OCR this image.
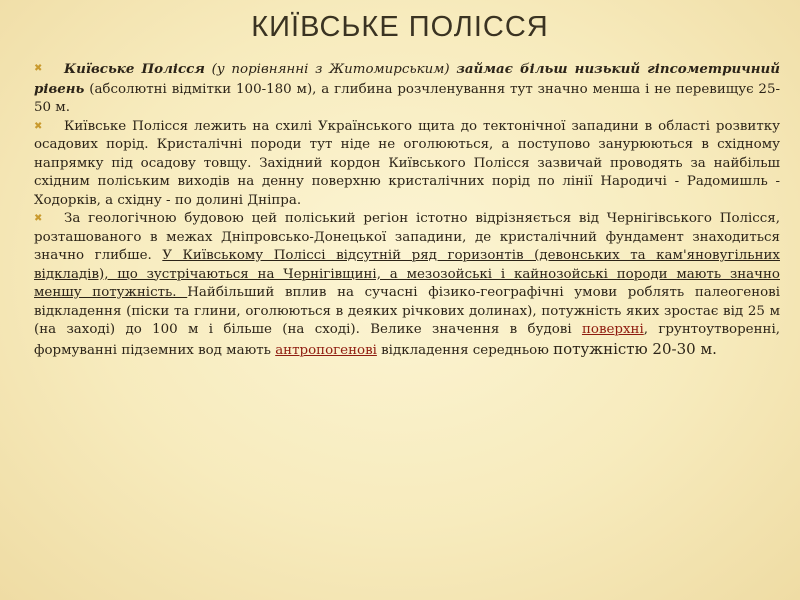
КИЇВСЬКЕ ПОЛІССЯ

✖ Київське Полісся (у порівнянні з Житомирським) займає більш низький гіпсометричний рівень (абсолютні відмітки 100-180 м), а глибина розчленування тут значно менша і не перевищує 25-50 м.

✖ Київське Полісся лежить на схилі Українського щита до тектонічної западини в області розвитку осадових порід. Кристалічні породи тут ніде не оголюються, а поступово занурюються в східному напрямку під осадову товщу. Західний кордон Київського Полісся зазвичай проводять за найбільш східним поліським виходів на денну поверхню кристалічних порід по лінії Народичі - Радомишль - Ходорків, а східну - по долині Дніпра.

✖ За геологічною будовою цей поліський регіон істотно відрізняється від Чернігівського Полісся, розташованого в межах Дніпровсько-Донецької западини, де кристалічний фундамент знаходиться значно глибше. У Київському Поліссі відсутній ряд горизонтів (девонських та кам'яновугільних відкладів), що зустрічаються на Чернігівщині, а мезозойські і кайнозойські породи мають значно меншу потужність. Найбільший вплив на сучасні фізико-географічні умови роблять палеогенові відкладення (піски та глини, оголюються в деяких річкових долинах), потужність яких зростає від 25 м (на заході) до 100 м і більше (на сході). Велике значення в будові поверхні, грунтоутворенні, формуванні підземних вод мають антропогенові відкладення середньою потужністю 20-30 м.
